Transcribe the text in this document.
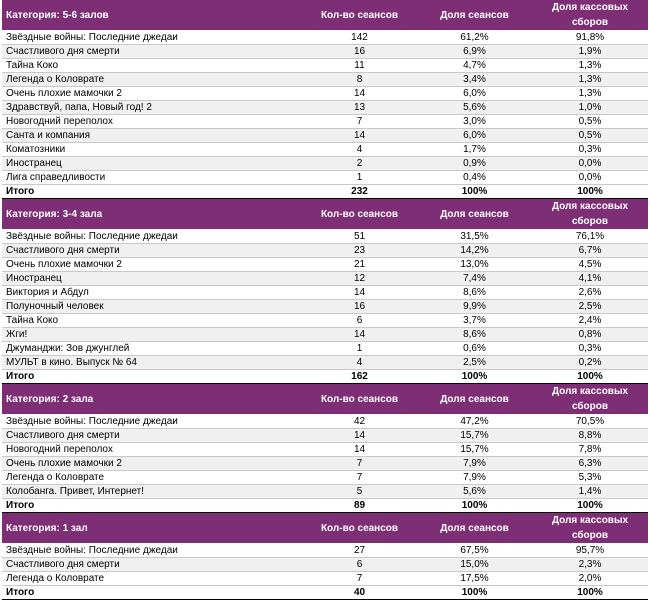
Категория: 5-6 залов	Кол-во сеансов	Доля сеансов	Доля кассовых сборов
Звёздные войны: Последние джедаи	142	61,2%	91,8%
Счастливого дня смерти	16	6,9%	1,9%
Тайна Коко	11	4,7%	1,3%
Легенда о Коловрате	8	3,4%	1,3%
Очень плохие мамочки 2	14	6,0%	1,3%
Здравствуй, папа, Новый год! 2	13	5,6%	1,0%
Новогодний переполох	7	3,0%	0,5%
Санта и компания	14	6,0%	0,5%
Коматозники	4	1,7%	0,3%
Иностранец	2	0,9%	0,0%
Лига справедливости	1	0,4%	0,0%
Итого	232	100%	100%
Категория: 3-4 зала	Кол-во сеансов	Доля сеансов	Доля кассовых сборов
Звёздные войны: Последние джедаи	51	31,5%	76,1%
Счастливого дня смерти	23	14,2%	6,7%
Очень плохие мамочки 2	21	13,0%	4,5%
Иностранец	12	7,4%	4,1%
Виктория и Абдул	14	8,6%	2,6%
Полуночный человек	16	9,9%	2,5%
Тайна Коко	6	3,7%	2,4%
Жги!	14	8,6%	0,8%
Джуманджи: Зов джунглей	1	0,6%	0,3%
МУЛЬТ в кино. Выпуск № 64	4	2,5%	0,2%
Итого	162	100%	100%
Категория: 2 зала	Кол-во сеансов	Доля сеансов	Доля кассовых сборов
Звёздные войны: Последние джедаи	42	47,2%	70,5%
Счастливого дня смерти	14	15,7%	8,8%
Новогодний переполох	14	15,7%	7,8%
Очень плохие мамочки 2	7	7,9%	6,3%
Легенда о Коловрате	7	7,9%	5,3%
Колобанга. Привет, Интернет!	5	5,6%	1,4%
Итого	89	100%	100%
Категория: 1 зал	Кол-во сеансов	Доля сеансов	Доля кассовых сборов
Звёздные войны: Последние джедаи	27	67,5%	95,7%
Счастливого дня смерти	6	15,0%	2,3%
Легенда о Коловрате	7	17,5%	2,0%
Итого	40	100%	100%
